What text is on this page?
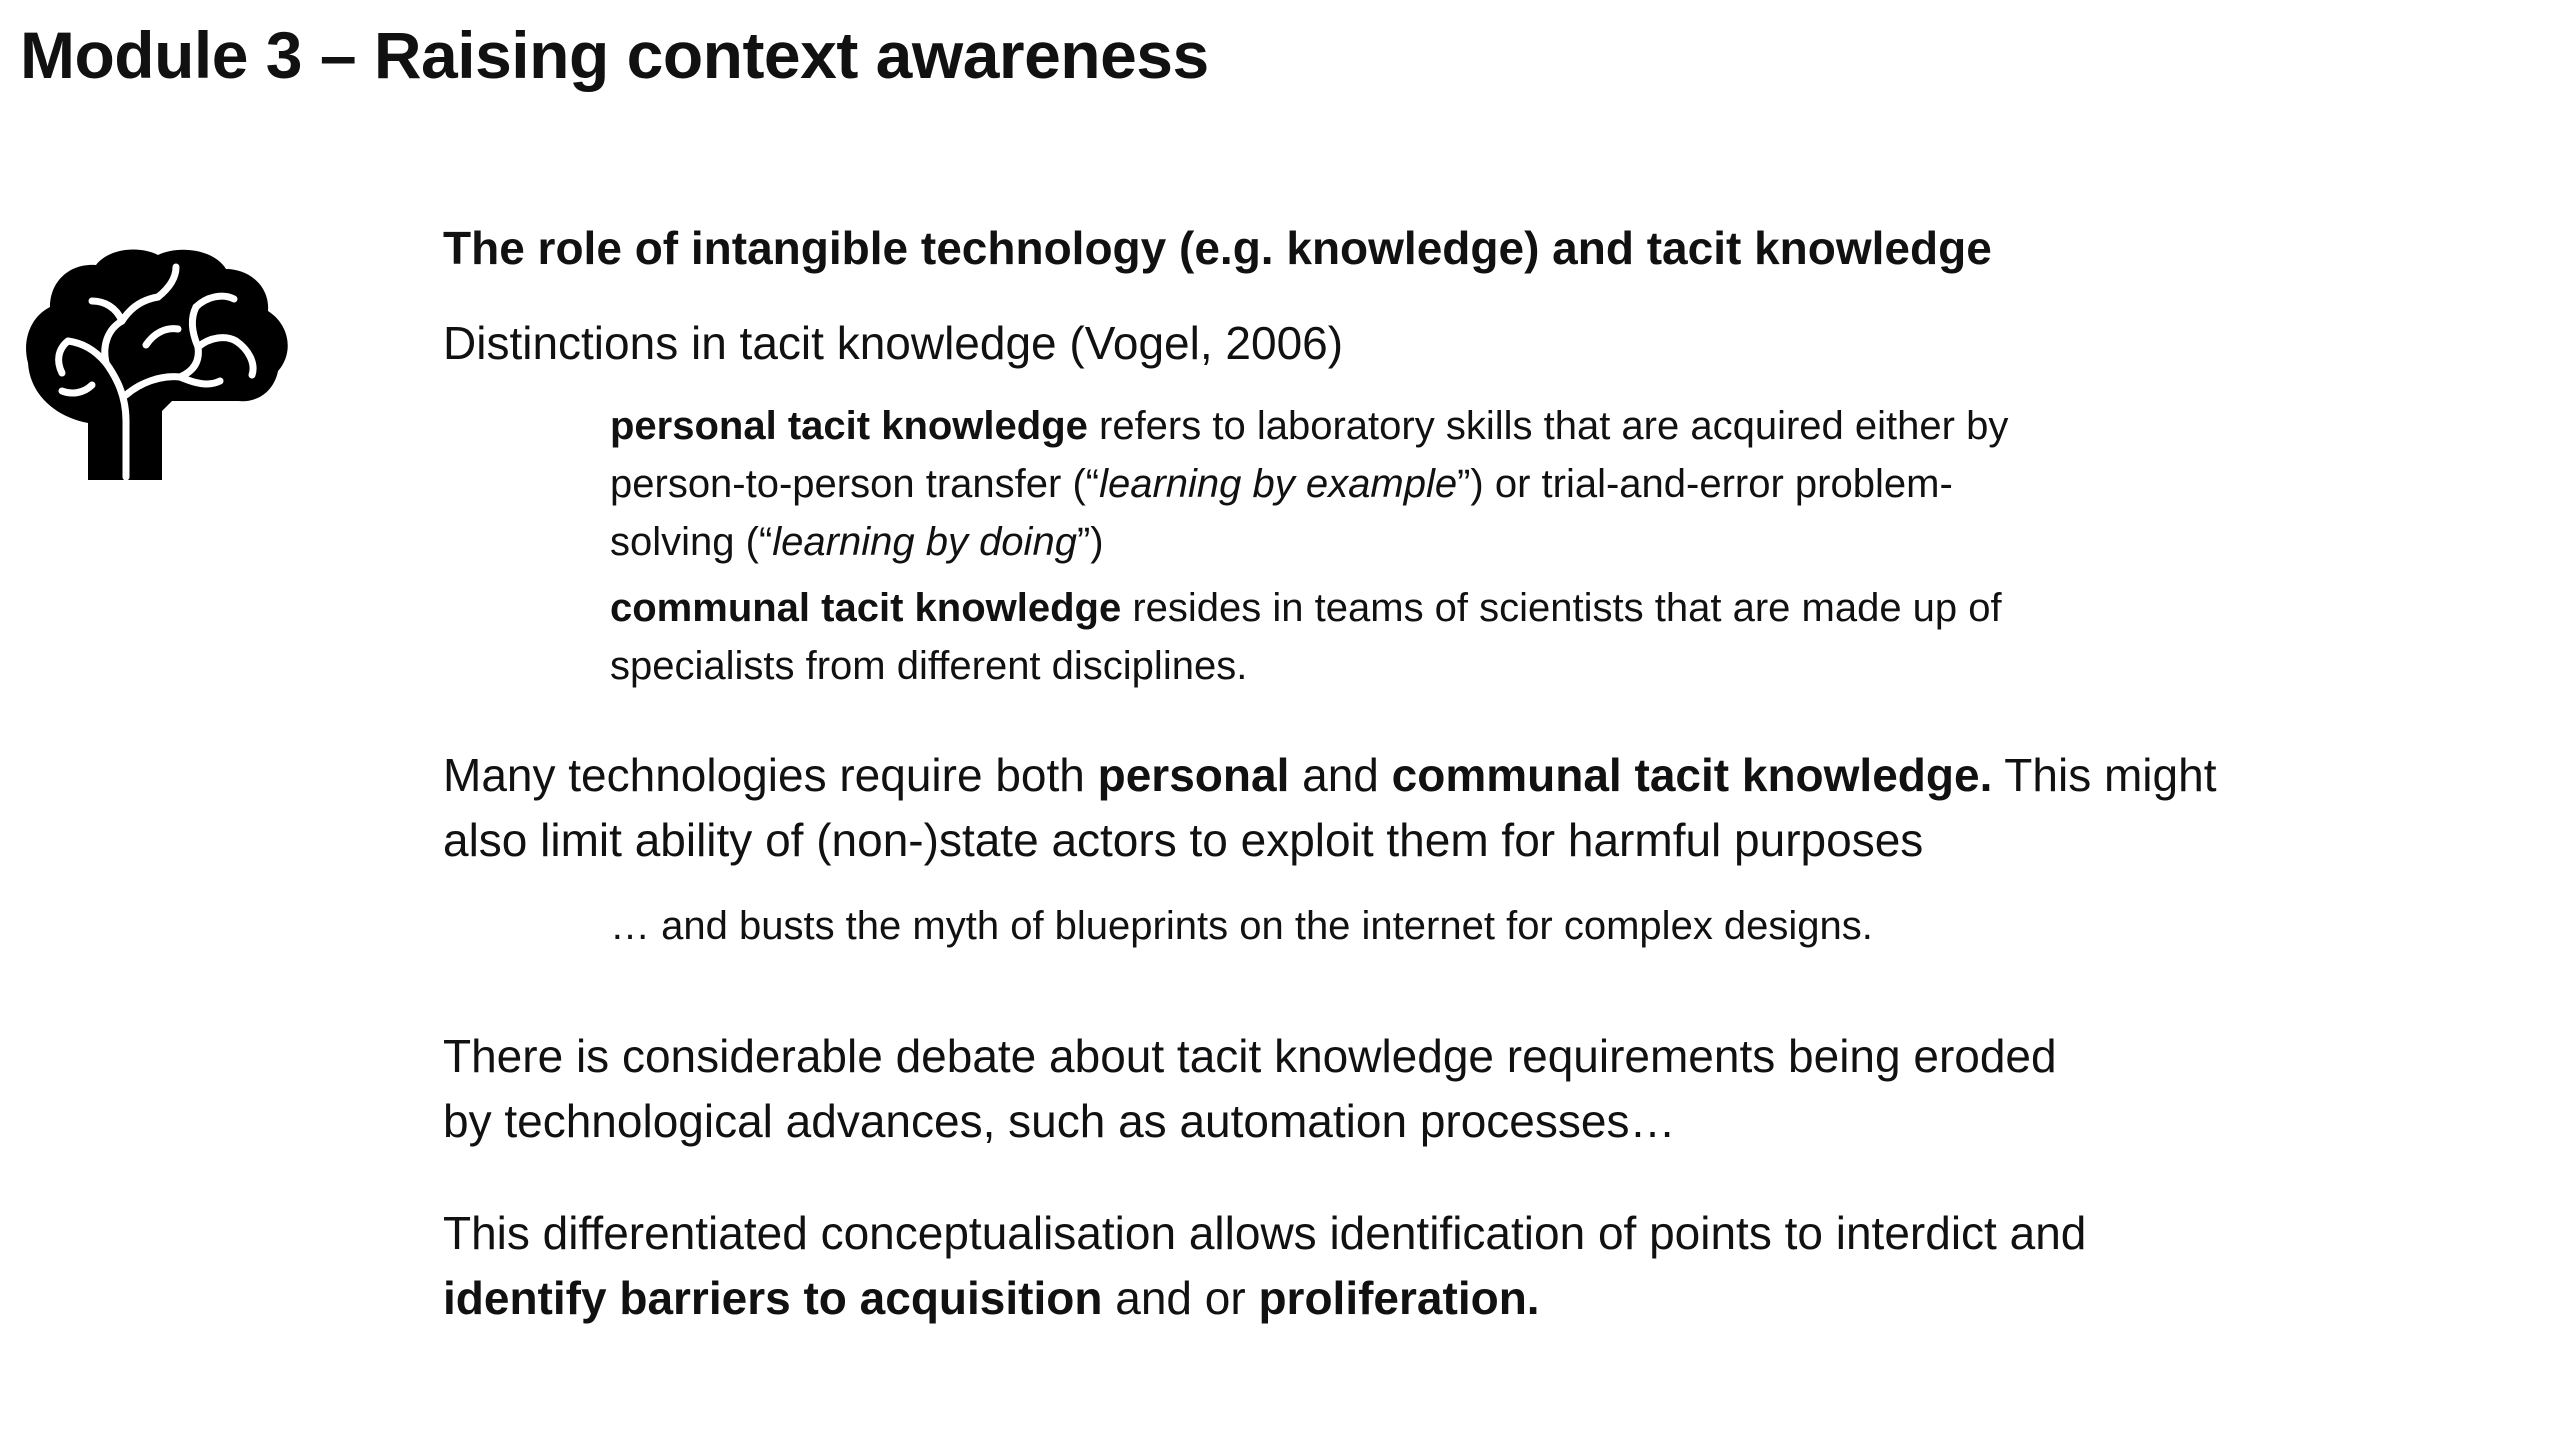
Module 3 – Raising context awareness

The role of intangible technology (e.g. knowledge) and tacit knowledge

Distinctions in tacit knowledge (Vogel, 2006)

personal tacit knowledge refers to laboratory skills that are acquired either by
person-to-person transfer (“learning by example”) or trial-and-error problem-
solving (“learning by doing”)
communal tacit knowledge resides in teams of scientists that are made up of
specialists from different disciplines.
Many technologies require both personal and communal tacit knowledge. This might
also limit ability of (non-)state actors to exploit them for harmful purposes

… and busts the myth of blueprints on the internet for complex designs.

There is considerable debate about tacit knowledge requirements being eroded
by technological advances, such as automation processes…
This differentiated conceptualisation allows identification of points to interdict and
identify barriers to acquisition and or proliferation.
